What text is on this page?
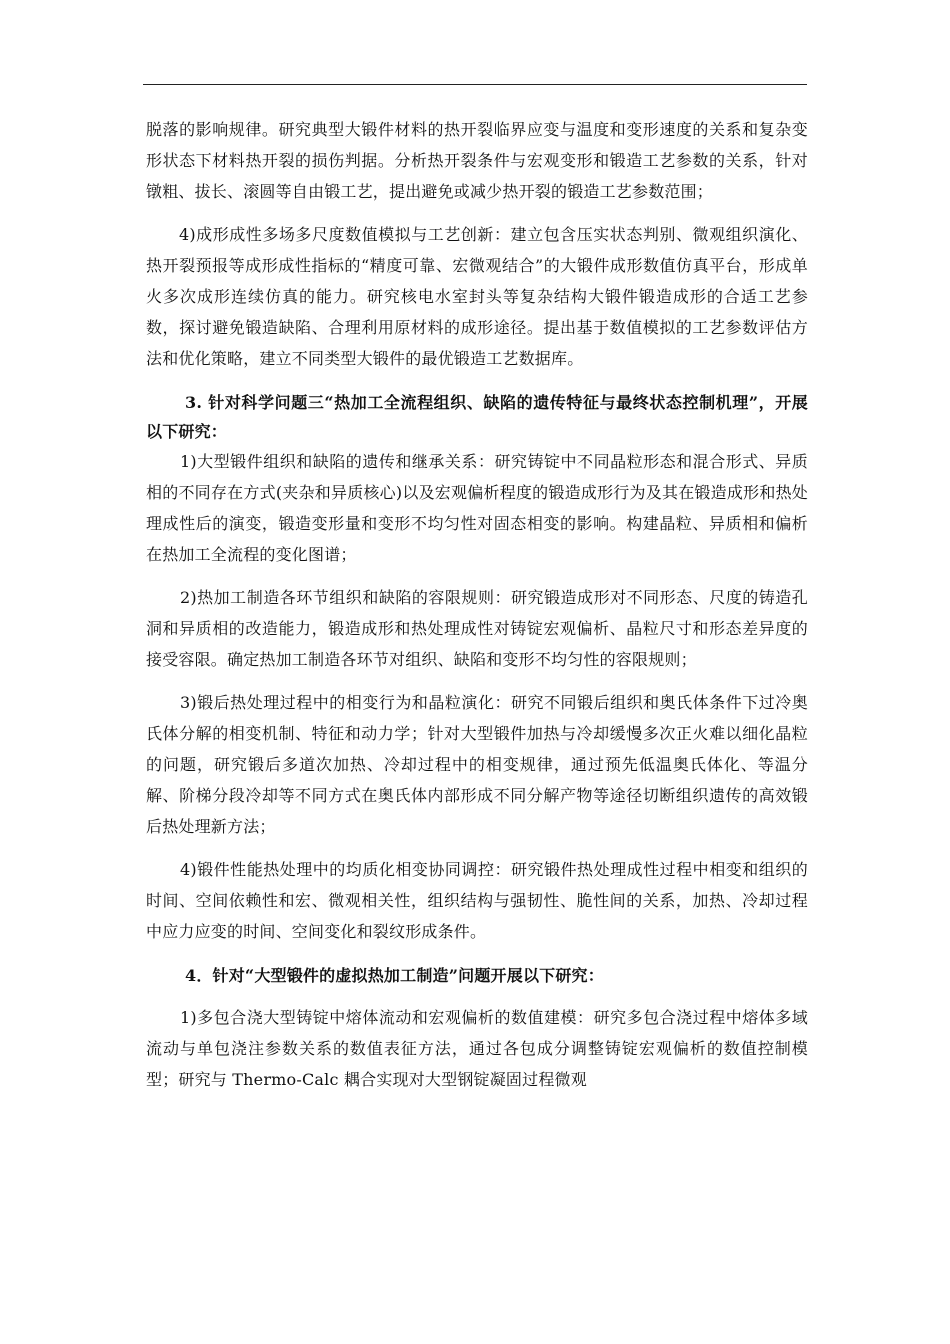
脱落的影响规律。研究典型大锻件材料的热开裂临界应变与温度和变形速度的关系和复杂变形状态下材料热开裂的损伤判据。分析热开裂条件与宏观变形和锻造工艺参数的关系，针对镦粗、拔长、滚圆等自由锻工艺，提出避免或减少热开裂的锻造工艺参数范围；

4)成形成性多场多尺度数值模拟与工艺创新：建立包含压实状态判别、微观组织演化、热开裂预报等成形成性指标的“精度可靠、宏微观结合”的大锻件成形数值仿真平台，形成单火多次成形连续仿真的能力。研究核电水室封头等复杂结构大锻件锻造成形的合适工艺参数，探讨避免锻造缺陷、合理利用原材料的成形途径。提出基于数值模拟的工艺参数评估方法和优化策略，建立不同类型大锻件的最优锻造工艺数据库。

3. 针对科学问题三“热加工全流程组织、缺陷的遗传特征与最终状态控制机理”，开展以下研究：

1)大型锻件组织和缺陷的遗传和继承关系：研究铸锭中不同晶粒形态和混合形式、异质相的不同存在方式(夹杂和异质核心)以及宏观偏析程度的锻造成形行为及其在锻造成形和热处理成性后的演变，锻造变形量和变形不均匀性对固态相变的影响。构建晶粒、异质相和偏析在热加工全流程的变化图谱；

2)热加工制造各环节组织和缺陷的容限规则：研究锻造成形对不同形态、尺度的铸造孔洞和异质相的改造能力，锻造成形和热处理成性对铸锭宏观偏析、晶粒尺寸和形态差异度的接受容限。确定热加工制造各环节对组织、缺陷和变形不均匀性的容限规则；

3)锻后热处理过程中的相变行为和晶粒演化：研究不同锻后组织和奥氏体条件下过冷奥氏体分解的相变机制、特征和动力学；针对大型锻件加热与冷却缓慢多次正火难以细化晶粒的问题，研究锻后多道次加热、冷却过程中的相变规律，通过预先低温奥氏体化、等温分解、阶梯分段冷却等不同方式在奥氏体内部形成不同分解产物等途径切断组织遗传的高效锻后热处理新方法；

4)锻件性能热处理中的均质化相变协同调控：研究锻件热处理成性过程中相变和组织的时间、空间依赖性和宏、微观相关性，组织结构与强韧性、脆性间的关系，加热、冷却过程中应力应变的时间、空间变化和裂纹形成条件。

4．针对“大型锻件的虚拟热加工制造”问题开展以下研究：

1)多包合浇大型铸锭中熔体流动和宏观偏析的数值建模：研究多包合浇过程中熔体多域流动与单包浇注参数关系的数值表征方法，通过各包成分调整铸锭宏观偏析的数值控制模型；研究与 Thermo-Calc 耦合实现对大型钢锭凝固过程微观
